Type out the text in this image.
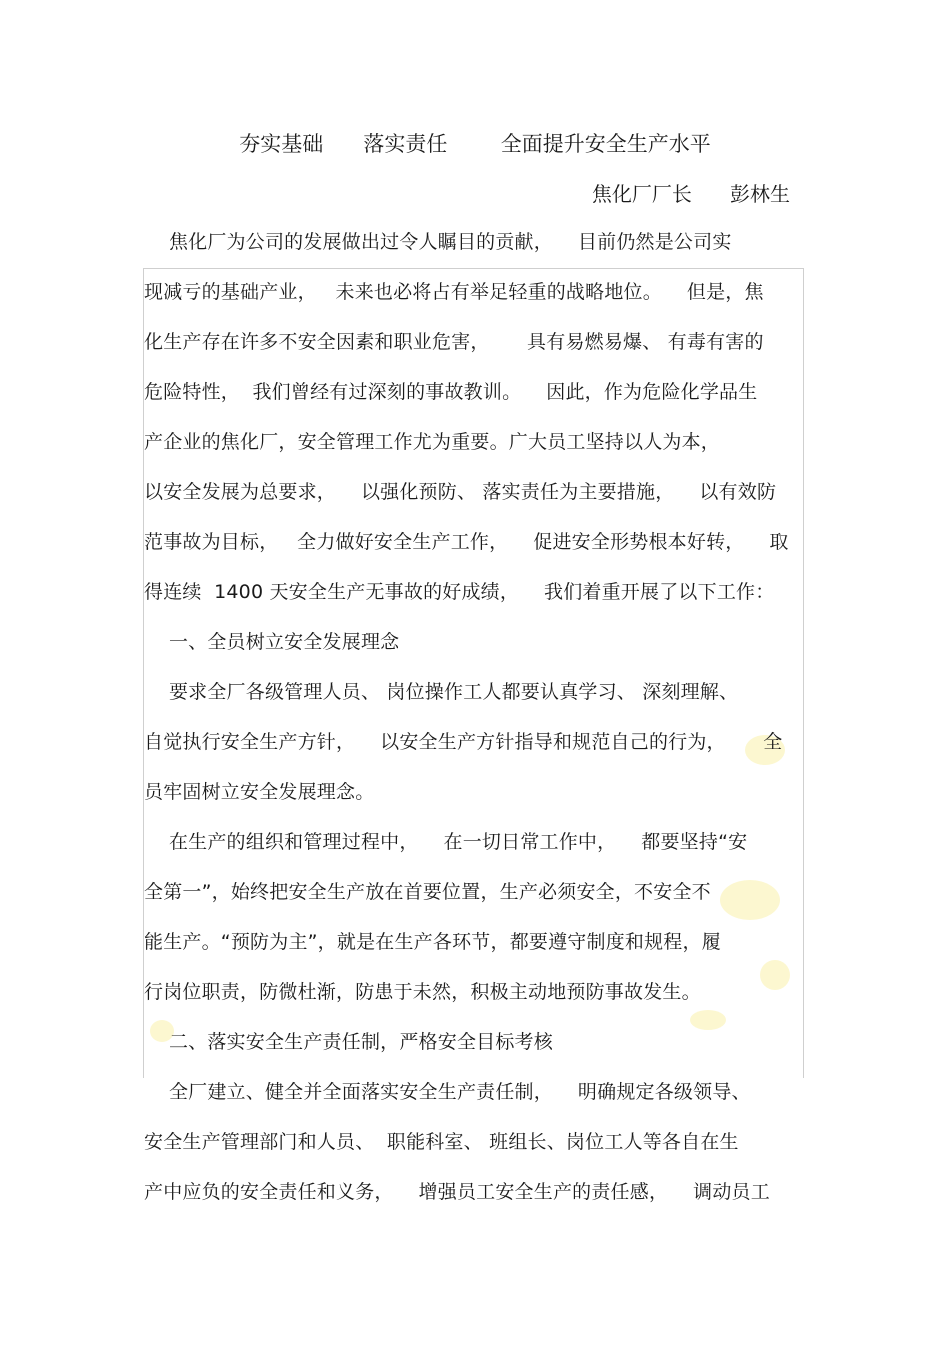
夯实基础      落实责任        全面提升安全生产水平
焦化厂厂长      彭林生
焦化厂为公司的发展做出过令人瞩目的贡献，    目前仍然是公司实
现减亏的基础产业，   未来也必将占有举足轻重的战略地位。    但是，焦
化生产存在许多不安全因素和职业危害，      具有易燃易爆、 有毒有害的
危险特性，  我们曾经有过深刻的事故教训。    因此，作为危险化学品生
产企业的焦化厂，安全管理工作尤为重要。广大员工坚持以人为本，
以安全发展为总要求，    以强化预防、 落实责任为主要措施，    以有效防
范事故为目标，   全力做好安全生产工作，    促进安全形势根本好转，    取
得连续  1400 天安全生产无事故的好成绩，    我们着重开展了以下工作：
一、全员树立安全发展理念
要求全厂各级管理人员、 岗位操作工人都要认真学习、 深刻理解、
自觉执行安全生产方针，    以安全生产方针指导和规范自己的行为，      全
员牢固树立安全发展理念。
在生产的组织和管理过程中，    在一切日常工作中，    都要坚持“安
全第一”，始终把安全生产放在首要位置，生产必须安全，不安全不
能生产。“预防为主”，就是在生产各环节，都要遵守制度和规程，履
行岗位职责，防微杜渐，防患于未然，积极主动地预防事故发生。
二、落实安全生产责任制，严格安全目标考核
全厂建立、健全并全面落实安全生产责任制，    明确规定各级领导、
安全生产管理部门和人员、  职能科室、 班组长、岗位工人等各自在生
产中应负的安全责任和义务，    增强员工安全生产的责任感，    调动员工
